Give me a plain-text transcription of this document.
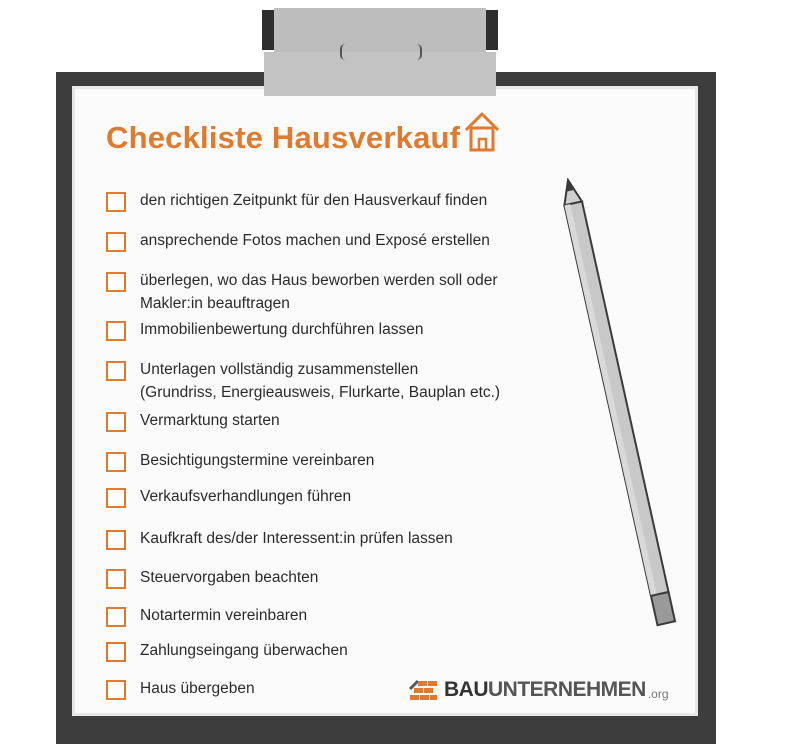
Checkliste Hausverkauf
den richtigen Zeitpunkt für den Hausverkauf finden
ansprechende Fotos machen und Exposé erstellen
überlegen, wo das Haus beworben werden soll oder
Makler:in beauftragen
Immobilienbewertung durchführen lassen
Unterlagen vollständig zusammenstellen
(Grundriss, Energieausweis, Flurkarte, Bauplan etc.)
Vermarktung starten
Besichtigungstermine vereinbaren
Verkaufsverhandlungen führen
Kaufkraft des/der Interessent:in prüfen lassen
Steuervorgaben beachten
Notartermin vereinbaren
Zahlungseingang überwachen
Haus übergeben	BAU UNTERNEHMEN .org
